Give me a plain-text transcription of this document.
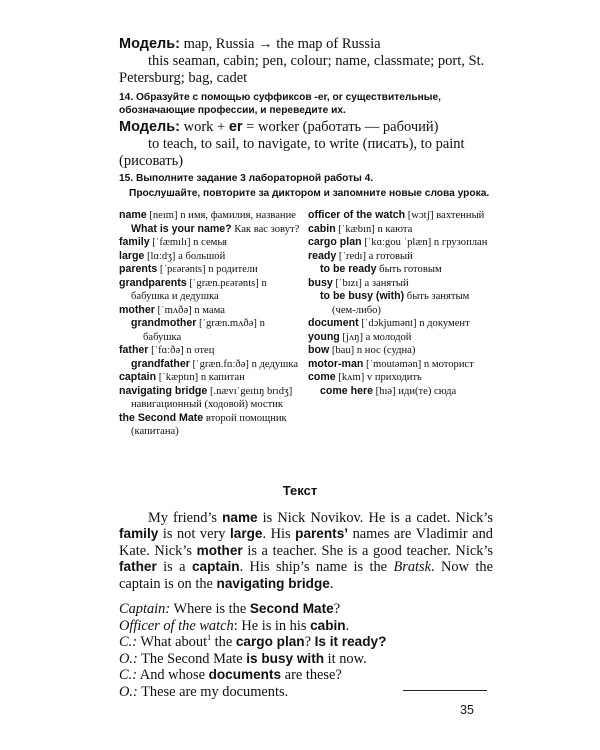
Модель: map, Russia → the map of Russia
this seaman, cabin; pen, colour; name, classmate; port, St. Petersburg; bag, cadet
14. Образуйте с помощью суффиксов -er, or существительные, обозначающие профессии, и переведите их.
Модель: work + er = worker (работать — рабочий)
to teach, to sail, to navigate, to write (писать), to paint (рисовать)
15. Выполните задание 3 лабораторной работы 4.
Прослушайте, повторите за диктором и запомните новые слова урока.

name [neım] n имя, фамилия, название

What is your name? Как вас зовут?

family [ˈfæmılı] n семья

large [lɑːdʒ] a большой

parents [ˈpɛərənts] n родители

grandparents [ˈgræn.pɛərənts] n бабушка и дедушка

mother [ˈmʌðə] n мама

grandmother [ˈgræn.mʌðə] n бабушка

father [ˈfɑːðə] n отец

grandfather [ˈgræn.fɑːðə] n дедушка

captain [ˈkæptın] n капитан

navigating bridge [.nævıˈgeıtıŋ brıdʒ] навигационный (ходовой) мостик

the Second Mate второй помощник (капитана)

officer of the watch [wɔtʃ] вахтенный

cabin [ˈkæbın] n каюта

cargo plan [ˈkɑːgou ˈplæn] n грузоплан

ready [ˈredı] a готовый

to be ready быть готовым

busy [ˈbızı] a занятый

to be busy (with) быть занятым (чем-либо)

document [ˈdɔkjumənt] n документ

young [jʌŋ] a молодой

bow [bau] n нос (судна)

motor-man [ˈmoutəmən] n моторист

come [kʌm] v приходить

come here [hıə] иди(те) сюда

Текст

My friend’s name is Nick Novikov. He is a cadet. Nick’s family is not very large. His parents’ names are Vladimir and Kate. Nick’s mother is a teacher. She is a good teacher. Nick’s father is a captain. His ship’s name is the Bratsk. Now the captain is on the navigating bridge.

Captain: Where is the Second Mate?

Officer of the watch: He is in his cabin.

C.: What about$^1$ the cargo plan? Is it ready?

O.: The Second Mate is busy with it now.

C.: And whose documents are these?

O.: These are my documents.

35
